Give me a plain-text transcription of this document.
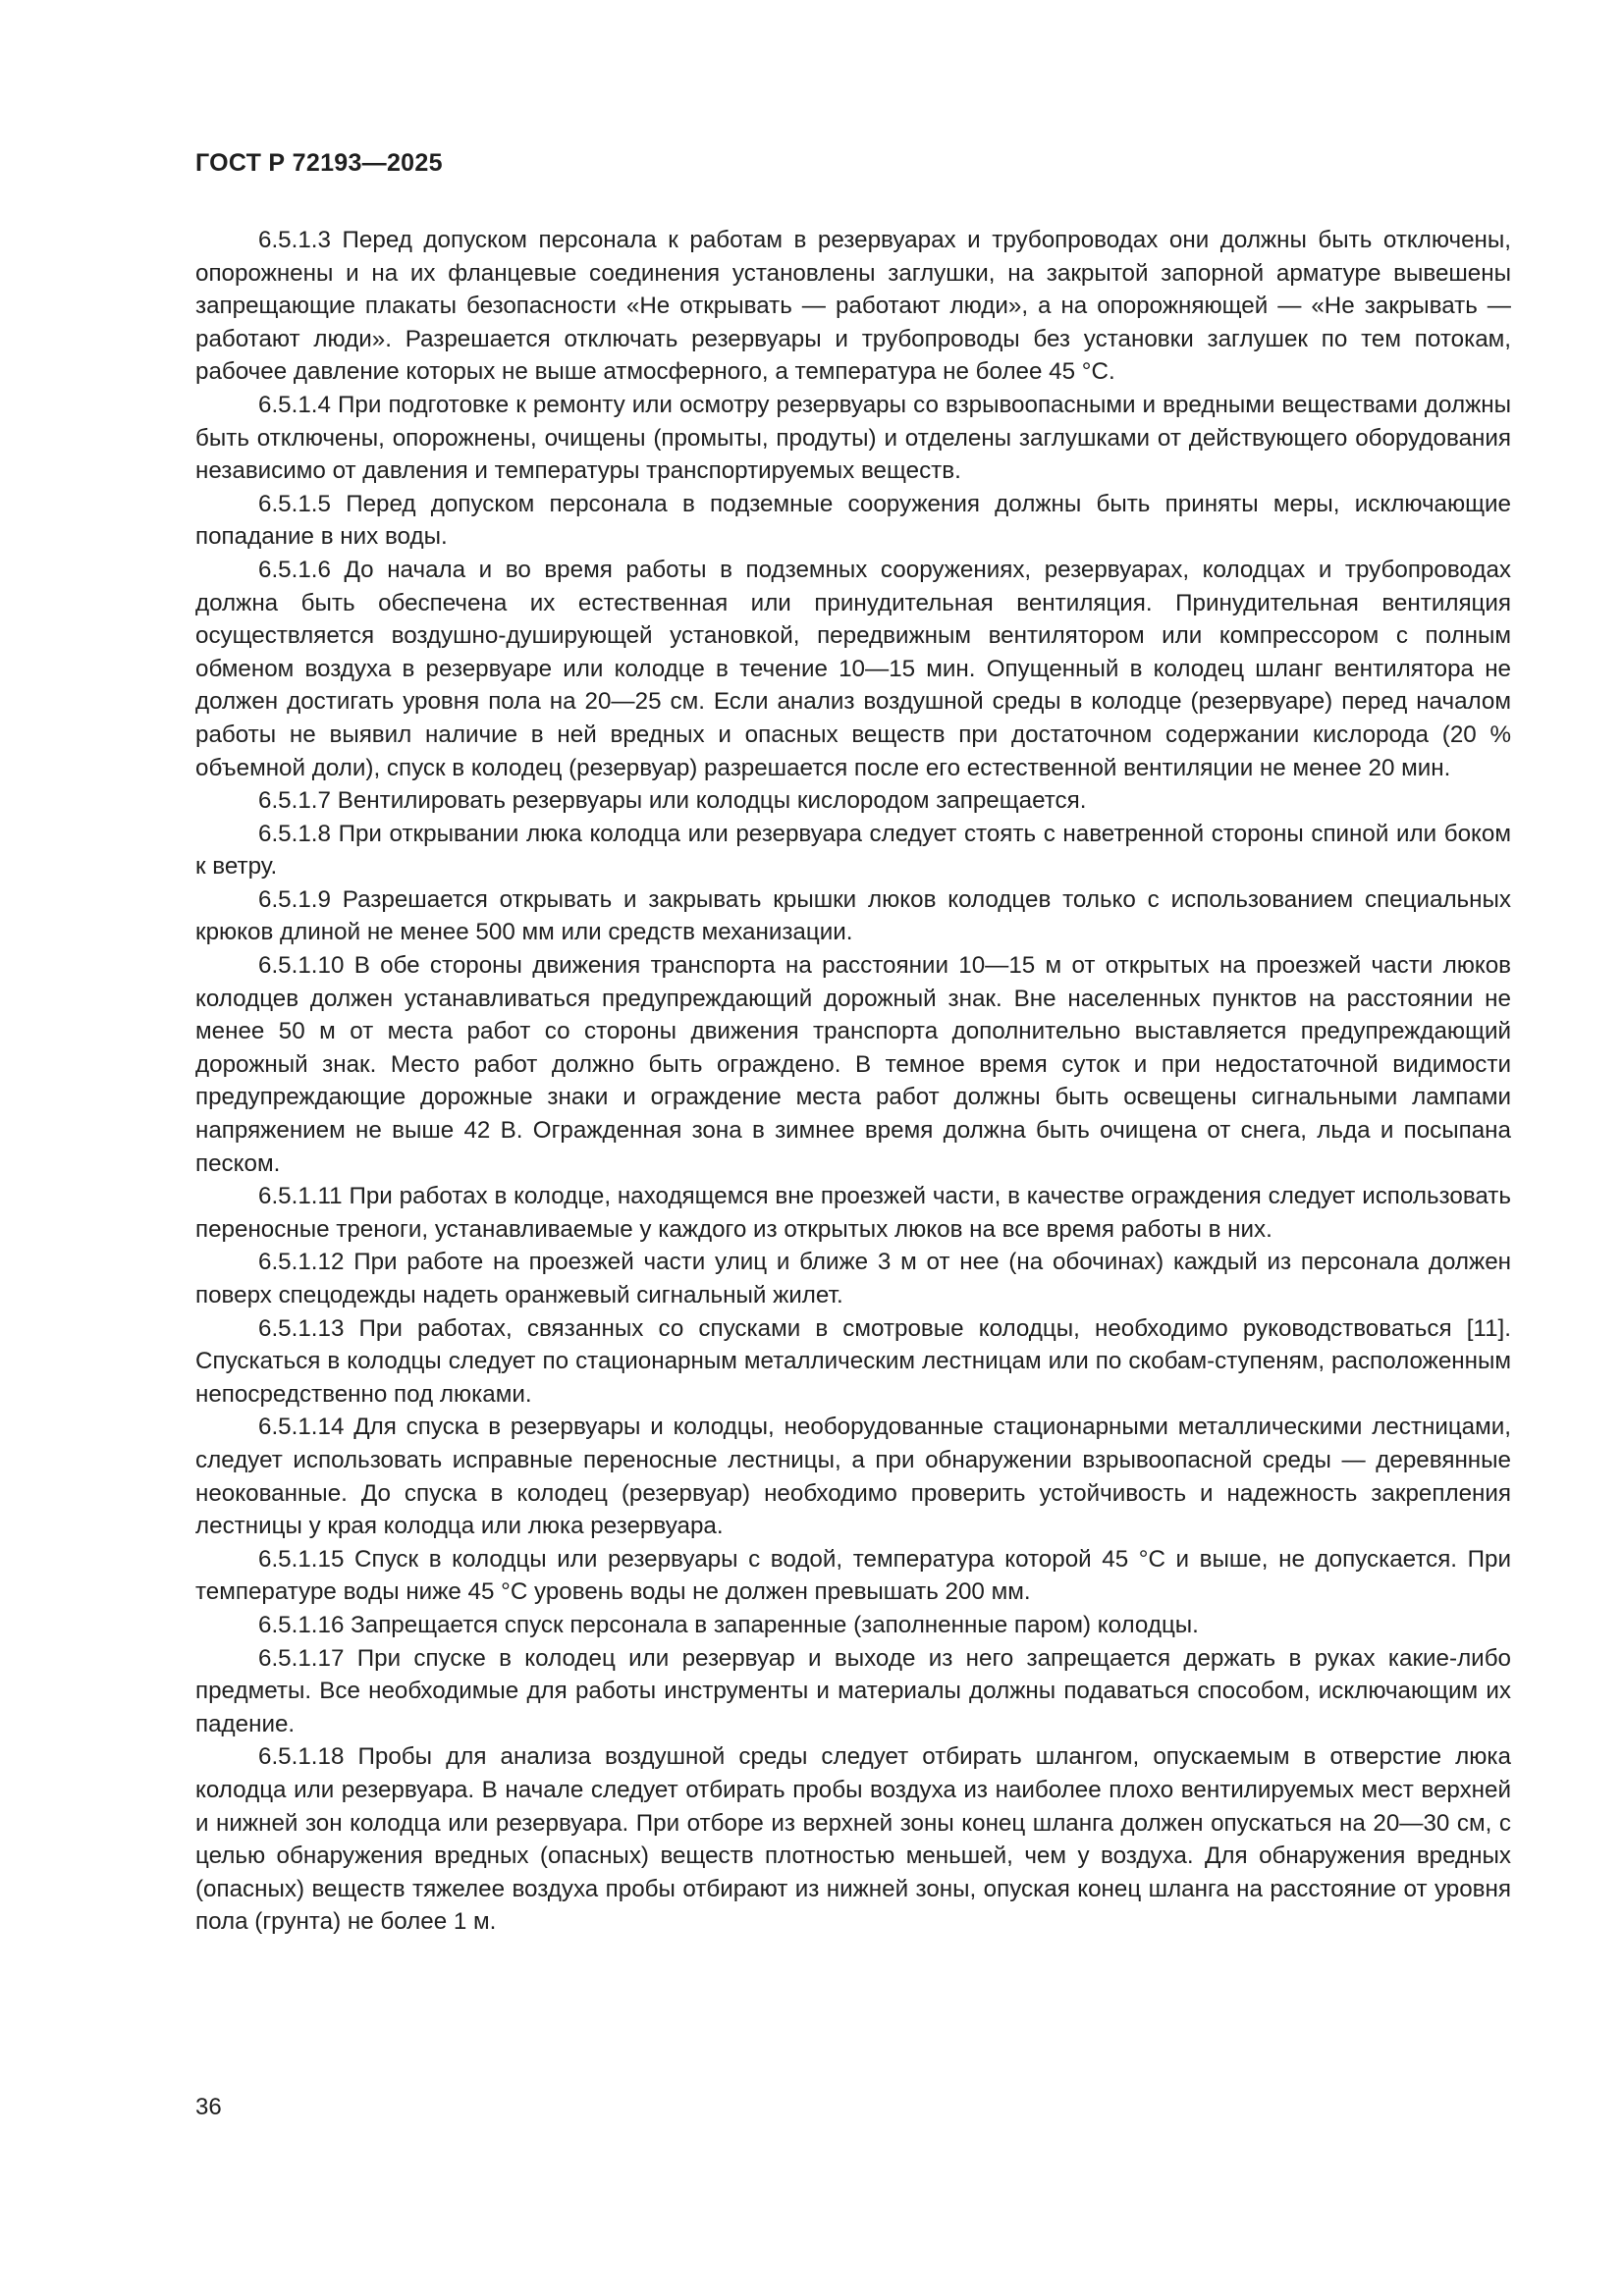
ГОСТ Р 72193—2025

6.5.1.3 Перед допуском персонала к работам в резервуарах и трубопроводах они должны быть отключены, опорожнены и на их фланцевые соединения установлены заглушки, на закрытой запорной арматуре вывешены запрещающие плакаты безопасности «Не открывать — работают люди», а на опорожняющей — «Не закрывать — работают люди». Разрешается отключать резервуары и трубопроводы без установки заглушек по тем потокам, рабочее давление которых не выше атмосферного, а температура не более 45 °С.

6.5.1.4 При подготовке к ремонту или осмотру резервуары со взрывоопасными и вредными веществами должны быть отключены, опорожнены, очищены (промыты, продуты) и отделены заглушками от действующего оборудования независимо от давления и температуры транспортируемых веществ.

6.5.1.5 Перед допуском персонала в подземные сооружения должны быть приняты меры, исключающие попадание в них воды.

6.5.1.6 До начала и во время работы в подземных сооружениях, резервуарах, колодцах и трубопроводах должна быть обеспечена их естественная или принудительная вентиляция. Принудительная вентиляция осуществляется воздушно-душирующей установкой, передвижным вентилятором или компрессором с полным обменом воздуха в резервуаре или колодце в течение 10—15 мин. Опущенный в колодец шланг вентилятора не должен достигать уровня пола на 20—25 см. Если анализ воздушной среды в колодце (резервуаре) перед началом работы не выявил наличие в ней вредных и опасных веществ при достаточном содержании кислорода (20 % объемной доли), спуск в колодец (резервуар) разрешается после его естественной вентиляции не менее 20 мин.

6.5.1.7 Вентилировать резервуары или колодцы кислородом запрещается.

6.5.1.8 При открывании люка колодца или резервуара следует стоять с наветренной стороны спиной или боком к ветру.

6.5.1.9 Разрешается открывать и закрывать крышки люков колодцев только с использованием специальных крюков длиной не менее 500 мм или средств механизации.

6.5.1.10 В обе стороны движения транспорта на расстоянии 10—15 м от открытых на проезжей части люков колодцев должен устанавливаться предупреждающий дорожный знак. Вне населенных пунктов на расстоянии не менее 50 м от места работ со стороны движения транспорта дополнительно выставляется предупреждающий дорожный знак. Место работ должно быть ограждено. В темное время суток и при недостаточной видимости предупреждающие дорожные знаки и ограждение места работ должны быть освещены сигнальными лампами напряжением не выше 42 В. Огражденная зона в зимнее время должна быть очищена от снега, льда и посыпана песком.

6.5.1.11 При работах в колодце, находящемся вне проезжей части, в качестве ограждения следует использовать переносные треноги, устанавливаемые у каждого из открытых люков на все время работы в них.

6.5.1.12 При работе на проезжей части улиц и ближе 3 м от нее (на обочинах) каждый из персонала должен поверх спецодежды надеть оранжевый сигнальный жилет.

6.5.1.13 При работах, связанных со спусками в смотровые колодцы, необходимо руководствоваться [11]. Спускаться в колодцы следует по стационарным металлическим лестницам или по скобам-ступеням, расположенным непосредственно под люками.

6.5.1.14 Для спуска в резервуары и колодцы, необорудованные стационарными металлическими лестницами, следует использовать исправные переносные лестницы, а при обнаружении взрывоопасной среды — деревянные неокованные. До спуска в колодец (резервуар) необходимо проверить устойчивость и надежность закрепления лестницы у края колодца или люка резервуара.

6.5.1.15 Спуск в колодцы или резервуары с водой, температура которой 45 °С и выше, не допускается. При температуре воды ниже 45 °С уровень воды не должен превышать 200 мм.

6.5.1.16 Запрещается спуск персонала в запаренные (заполненные паром) колодцы.

6.5.1.17 При спуске в колодец или резервуар и выходе из него запрещается держать в руках какие-либо предметы. Все необходимые для работы инструменты и материалы должны подаваться способом, исключающим их падение.

6.5.1.18 Пробы для анализа воздушной среды следует отбирать шлангом, опускаемым в отверстие люка колодца или резервуара. В начале следует отбирать пробы воздуха из наиболее плохо вентилируемых мест верхней и нижней зон колодца или резервуара. При отборе из верхней зоны конец шланга должен опускаться на 20—30 см, с целью обнаружения вредных (опасных) веществ плотностью меньшей, чем у воздуха. Для обнаружения вредных (опасных) веществ тяжелее воздуха пробы отбирают из нижней зоны, опуская конец шланга на расстояние от уровня пола (грунта) не более 1 м.

36
